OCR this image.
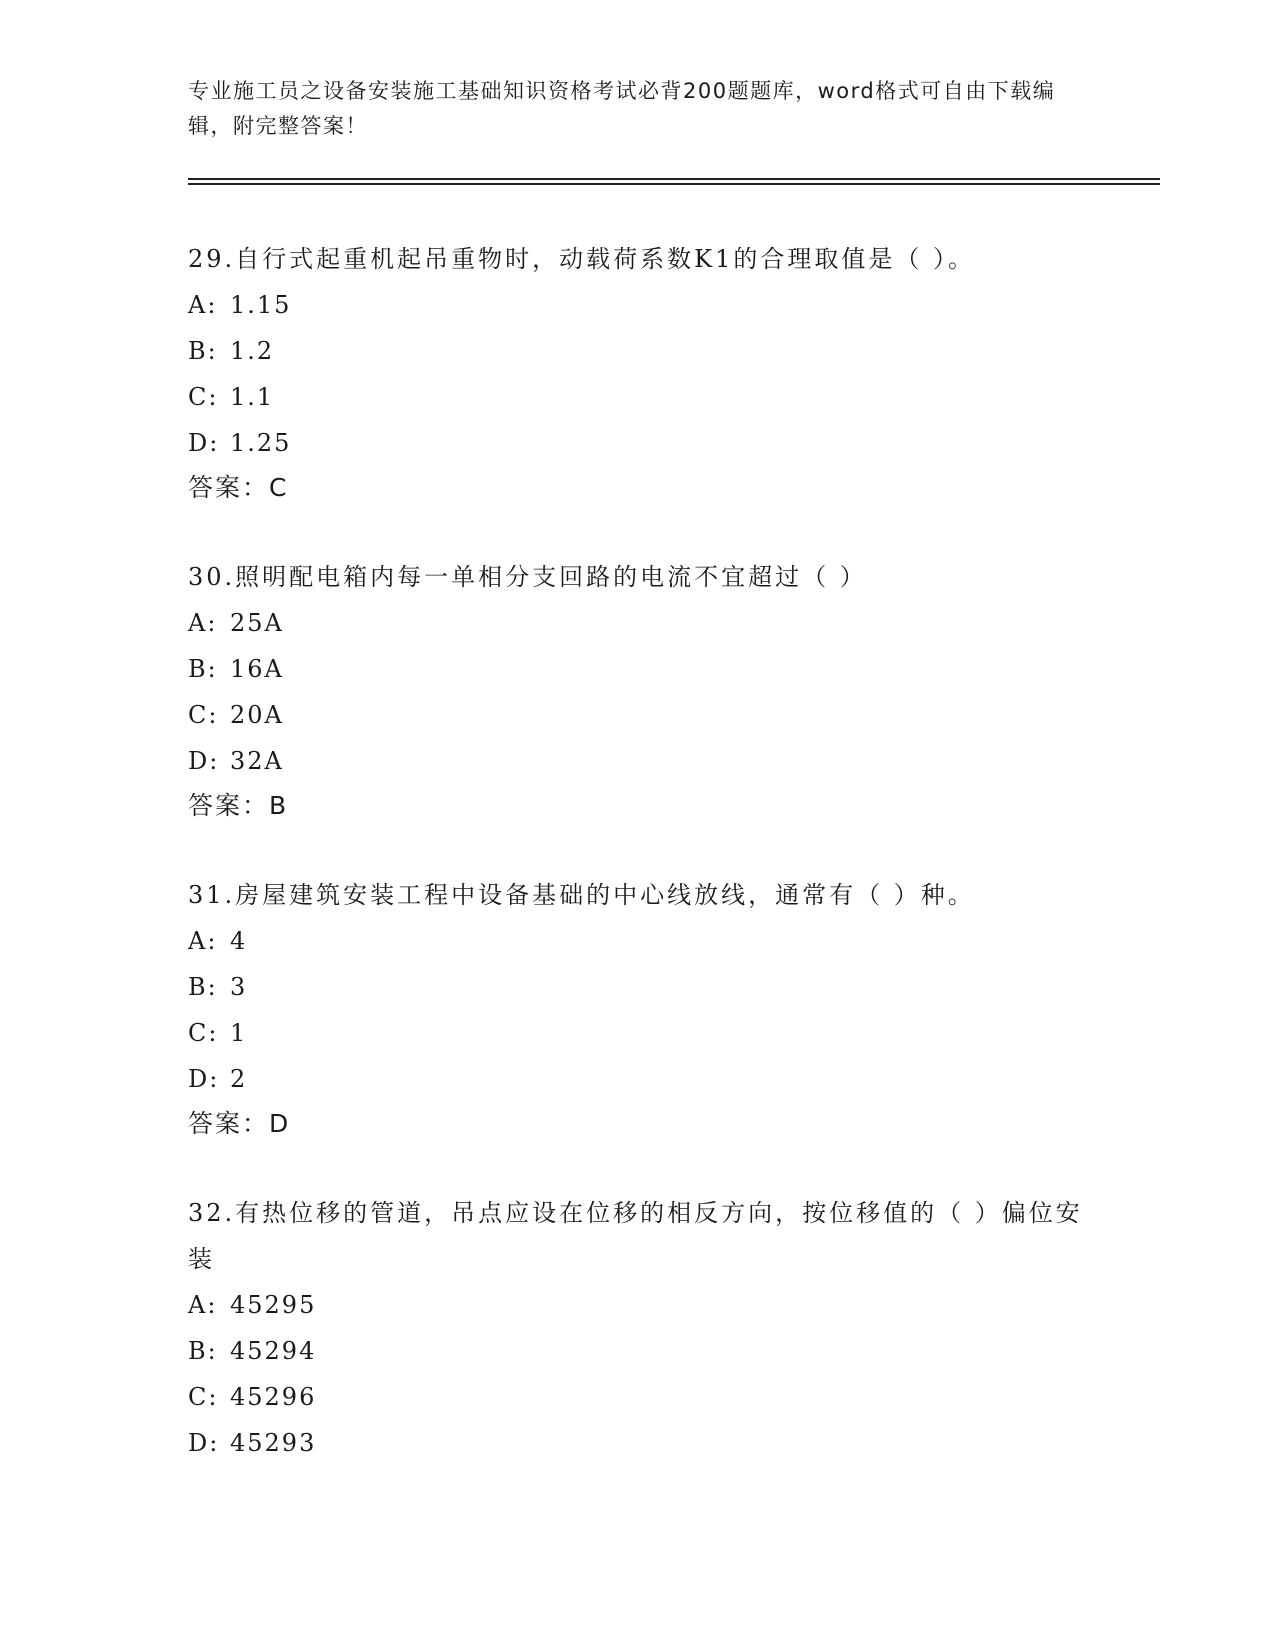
专业施工员之设备安装施工基础知识资格考试必背200题题库，word格式可自由下载编辑，附完整答案！

29.自行式起重机起吊重物时，动载荷系数K1的合理取值是（ ）。

A: 1.15
B: 1.2
C: 1.1
D: 1.25
答案：C

30.照明配电箱内每一单相分支回路的电流不宜超过（ ）

A: 25A
B: 16A
C: 20A
D: 32A
答案：B

31.房屋建筑安装工程中设备基础的中心线放线，通常有（ ）种。

A: 4
B: 3
C: 1
D: 2
答案：D

32.有热位移的管道，吊点应设在位移的相反方向，按位移值的（ ）偏位安装

A: 45295
B: 45294
C: 45296
D: 45293
